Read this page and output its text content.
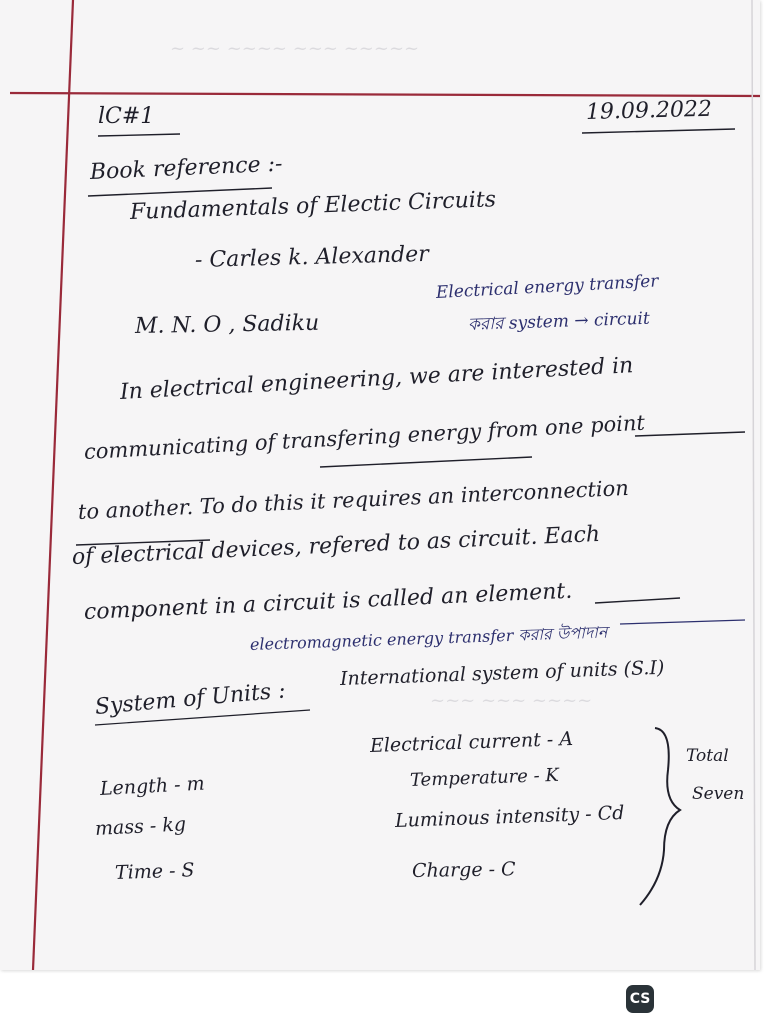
~ ~~ ~~~~ ~~~ ~~~~~
~~~ ~~~ ~~~~
lC#1	19.09.2022
Book reference :-
Fundamentals of Electic Circuits
- Carles k. Alexander
M. N. O , Sadiku
Electrical energy transfer
করার system → circuit
In electrical engineering, we are interested in
communicating of transfering energy from one point
to another. To do this it requires an interconnection
of electrical devices, refered to as circuit. Each
component in a circuit is called an element.
electromagnetic energy transfer করার উপাদান
System of Units :
International system of units (S.I)
Length - m
mass - kg
Time - S
Electrical current - A
Temperature - K
Luminous intensity - Cd
Charge - C
Total
Seven
CS
